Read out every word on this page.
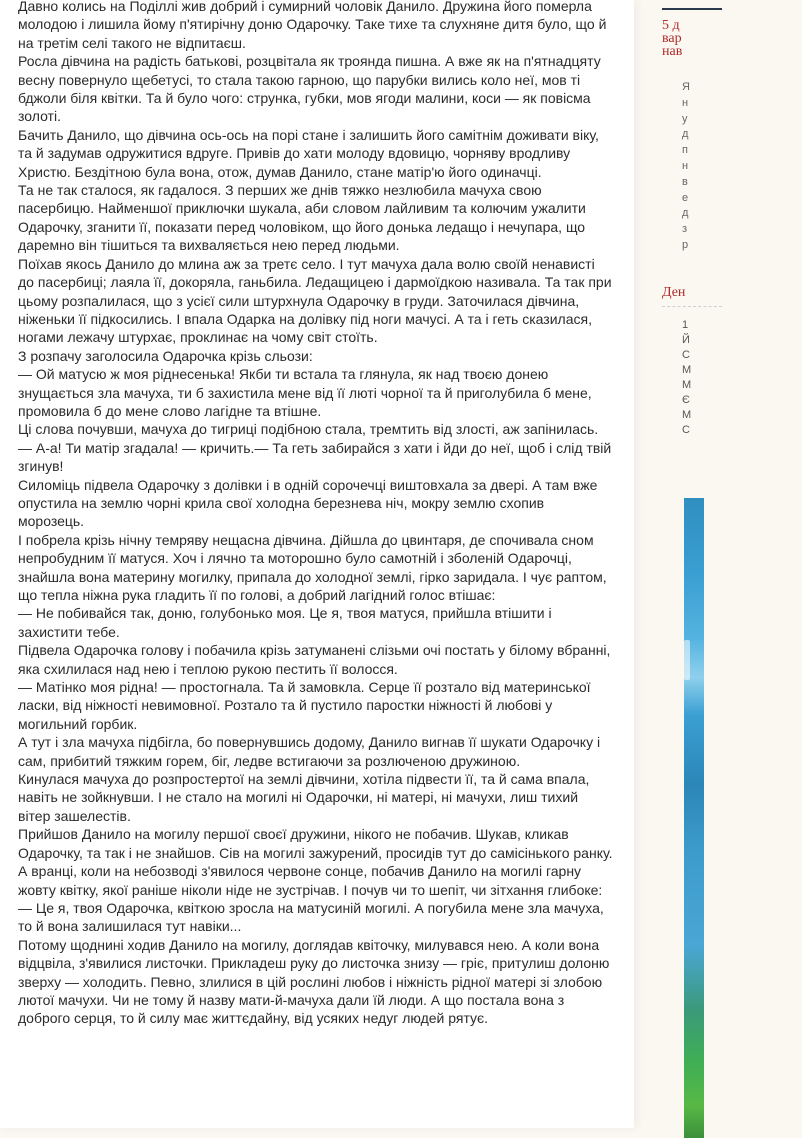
Давно колись на Поділлі жив добрий і сумирний чоловік Данило. Дружина його померла молодою і лишила йому п'ятирічну доню Одарочку. Таке тихе та слухняне дитя було, що й на третім селі такого не відпитаєш.

Росла дівчина на радість батькові, розцвітала як троянда пишна. А вже як на п'ятнадцяту весну повернуло щебетуcі, то стала такою гарною, що парубки вились коло неї, мов ті бджоли біля квітки. Та й було чого: струнка, губки, мов ягоди малини, коси — як повісма золоті.

Бачить Данило, що дівчина ось-ось на порі стане і залишить його самітнім доживати віку, та й задумав одружитися вдруге. Привів до хати молоду вдовицю, чорняву вродливу Христю. Бездітною була вона, отож, думав Данило, стане матір'ю його одиначці.

Та не так сталося, як гадалося. З перших же днів тяжко незлюбила мачуха свою пасербицю. Найменшої приключки шукала, аби словом лайливим та колючим ужалити Одарочку, зганити її, показати перед чоловіком, що його донька ледащо і нечупара, що даремно він тішиться та вихваляється нею перед людьми.

Поїхав якось Данило до млина аж за третє село. І тут мачуха дала волю своїй ненависті до пасербиці; лаяла її, докоряла, ганьбила. Ледащицею і дармоїдкою називала. Та так при цьому розпалилася, що з усієї сили штурхнула Одарочку в груди. Заточилася дівчина, ніженьки її підкосились. І впала Одарка на долівку під ноги мачусі. А та і геть сказилася, ногами лежачу штурхає, проклинає на чому світ стоїть.

З розпачу заголосила Одарочка крізь сльози:

— Ой матусю ж моя ріднесенька! Якби ти встала та глянула, як над твоєю донею знущається зла мачуха, ти б захистила мене від її лютi чорної та й приголубила б мене, промовила б до мене слово лагідне та втішне.

Ці слова почувши, мачуха до тигриці подібною стала, тремтить від злості, аж запінилась.

— А-а! Ти матір згадала! — кричить.— Та геть забирайся з хати і йди до неї, щоб і слід твій згинув!

Силоміць підвела Одарочку з долівки і в одній сорочечці виштовхала за двері. А там вже опустила на землю чорні крила свої холодна березнева ніч, мокру землю схопив морозець.

І побрела крізь нічну темряву нещасна дівчина. Дійшла до цвинтаря, де спочивала сном непробудним її матуся. Хоч і лячно та моторошно було самотній і зболеній Одарочці, знайшла вона материну могилку, припала до холодної землі, гірко заридала. І чує раптом, що тепла ніжна рука гладить її по голові, а добрий лагідний голос втішає:

— Не побивайся так, доню, голубонько моя. Це я, твоя матуся, прийшла втішити і захистити тебе.

Підвела Одарочка голову і побачила крізь затуманені слізьми очі постать у білому вбранні, яка схилилася над нею і теплою рукою пестить її волосся.

— Матінко моя рідна! — простогнала. Та й замовкла. Серце її розтало від материнської ласки, від ніжності невимовної. Розтало та й пустило паростки ніжності й любові у могильний горбик.

А тут і зла мачуха підбігла, бо повернувшись додому, Данило вигнав її шукати Одарочку і сам, прибитий тяжким горем, біг, ледве встигаючи за розлюченою дружиною.

Кинулася мачуха до розпростертої на землі дівчини, хотіла підвести її, та й сама впала, навіть не зойкнувши. І не стало на могилі ні Одарочки, ні матері, ні мачухи, лиш тихий вітер зашелестів.

Прийшов Данило на могилу першої своєї дружини, нікого не побачив. Шукав, кликав Одарочку, та так і не знайшов. Сів на могилі зажурений, просидів тут до самісінького ранку. А вранці, коли на небозводі з'явилося червоне сонце, побачив Данило на могилі гарну жовту квітку, якої раніше ніколи ніде не зустрічав. І почув чи то шепіт, чи зітхання глибоке:

— Це я, твоя Одарочка, квіткою зросла на матусиній могилі. А погубила мене зла мачуха, то й вона залишилася тут навіки...

Потому щоднині ходив Данило на могилу, доглядав квіточку, милувався нею. А коли вона відцвіла, з'явилися листочки. Прикладеш руку до листочка знизу — гріє, притулиш долоню зверху — холодить. Певно, злилися в цій рослині любов і ніжність рідної матері зі злобою лютої мачухи. Чи не тому й назву мати-й-мачуха дали їй люди. А що постала вона з доброго серця, то й силу має життєдайну, від усяких недуг людей рятує.

5 д
вар
нав
Я
н
у
д
п
н
в
е
д
з
р
Ден
1
Й
С
М
М
Є
М
С
